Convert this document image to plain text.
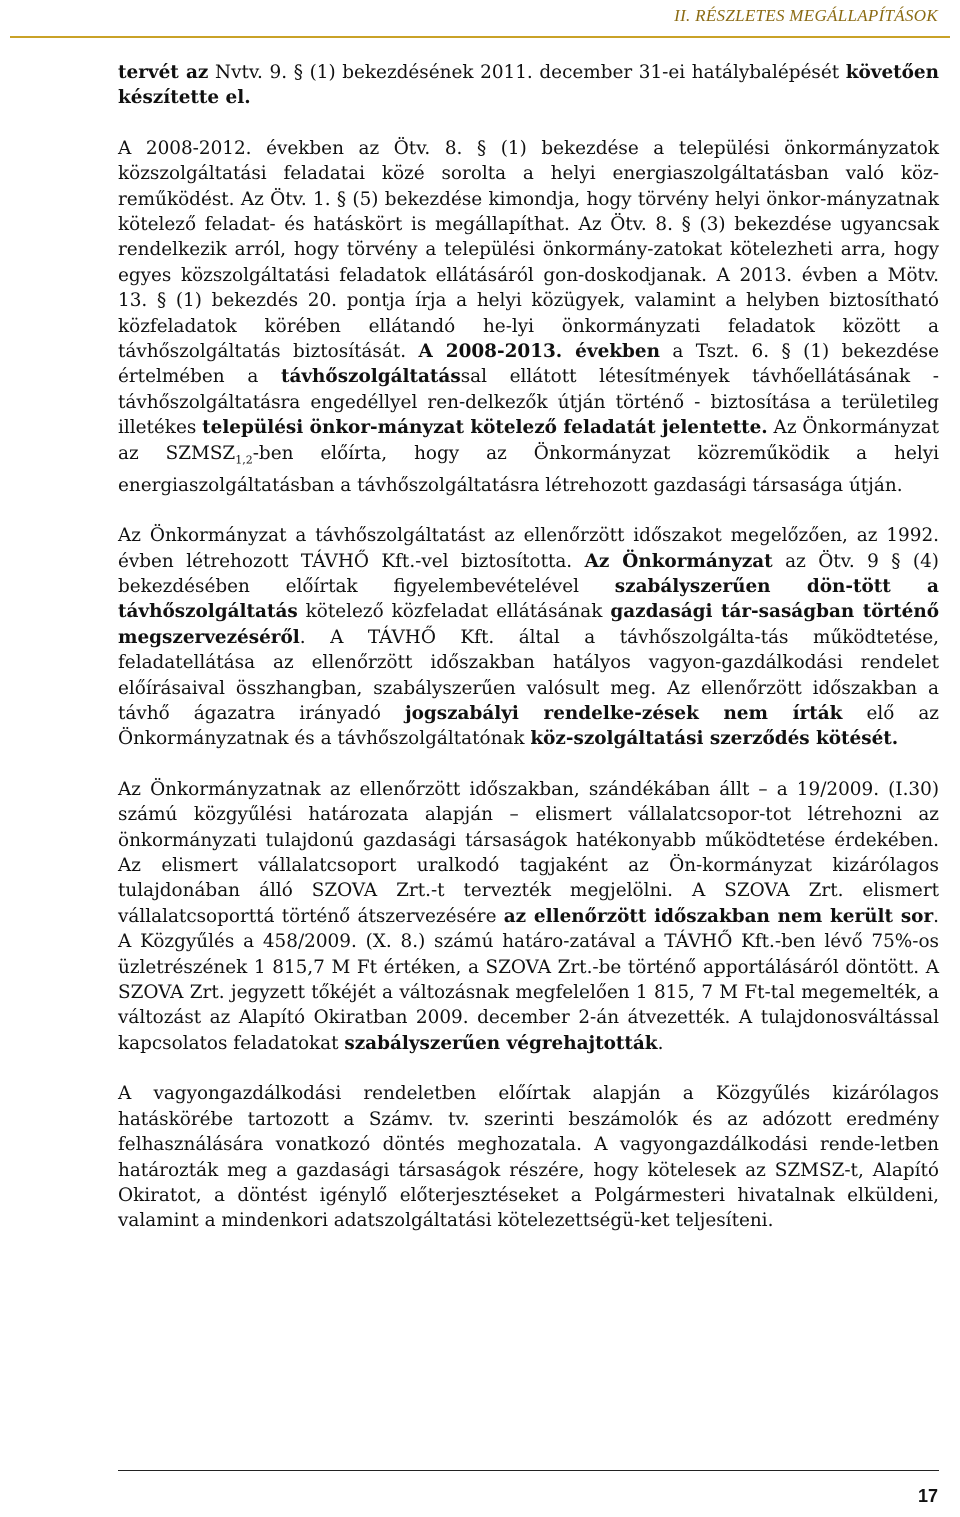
II. RÉSZLETES MEGÁLLAPÍTÁSOK

tervét az Nvtv. 9. § (1) bekezdésének 2011. december 31-ei hatálybalépését követően készítette el.

A 2008-2012. években az Ötv. 8. § (1) bekezdése a települési önkormányzatok közszolgáltatási feladatai közé sorolta a helyi energiaszolgáltatásban való köz-reműködést. Az Ötv. 1. § (5) bekezdése kimondja, hogy törvény helyi önkor-mányzatnak kötelező feladat- és hatáskört is megállapíthat. Az Ötv. 8. § (3) bekezdése ugyancsak rendelkezik arról, hogy törvény a települési önkormány-zatokat kötelezheti arra, hogy egyes közszolgáltatási feladatok ellátásáról gon-doskodjanak. A 2013. évben a Mötv. 13. § (1) bekezdés 20. pontja írja a helyi közügyek, valamint a helyben biztosítható közfeladatok körében ellátandó he-lyi önkormányzati feladatok között a távhőszolgáltatás biztosítását. A 2008-2013. években a Tszt. 6. § (1) bekezdése értelmében a távhőszolgáltatással ellátott létesítmények távhőellátásának - távhőszolgáltatásra engedéllyel ren-delkezők útján történő - biztosítása a területileg illetékes települési önkor-mányzat kötelező feladatát jelentette. Az Önkormányzat az $SZMSZ_{1,2}$-ben előírta, hogy az Önkormányzat közreműködik a helyi energiaszolgáltatásban a távhőszolgáltatásra létrehozott gazdasági társasága útján.

Az Önkormányzat a távhőszolgáltatást az ellenőrzött időszakot megelőzően, az 1992. évben létrehozott TÁVHŐ Kft.-vel biztosította. Az Önkormányzat az Ötv. 9 § (4) bekezdésében előírtak figyelembevételével szabályszerűen dön-tött a távhőszolgáltatás kötelező közfeladat ellátásának gazdasági tár-saságban történő megszervezéséről. A TÁVHŐ Kft. által a távhőszolgálta-tás működtetése, feladatellátása az ellenőrzött időszakban hatályos vagyon-gazdálkodási rendelet előírásaival összhangban, szabályszerűen valósult meg. Az ellenőrzött időszakban a távhő ágazatra irányadó jogszabályi rendelke-zések nem írták elő az Önkormányzatnak és a távhőszolgáltatónak köz-szolgáltatási szerződés kötését.

Az Önkormányzatnak az ellenőrzött időszakban, szándékában állt – a 19/2009. (I.30) számú közgyűlési határozata alapján – elismert vállalatcsopor-tot létrehozni az önkormányzati tulajdonú gazdasági társaságok hatékonyabb működtetése érdekében. Az elismert vállalatcsoport uralkodó tagjaként az Ön-kormányzat kizárólagos tulajdonában álló SZOVA Zrt.-t tervezték megjelölni. A SZOVA Zrt. elismert vállalatcsoporttá történő átszervezésére az ellenőrzött időszakban nem került sor. A Közgyűlés a 458/2009. (X. 8.) számú határo-zatával a TÁVHŐ Kft.-ben lévő 75%-os üzletrészének 1 815,7 M Ft értéken, a SZOVA Zrt.-be történő apportálásáról döntött. A SZOVA Zrt. jegyzett tőkéjét a változásnak megfelelően 1 815, 7 M Ft-tal megemelték, a változást az Alapító Okiratban 2009. december 2-án átvezették. A tulajdonosváltással kapcsolatos feladatokat szabályszerűen végrehajtották.

A vagyongazdálkodási rendeletben előírtak alapján a Közgyűlés kizárólagos hatáskörébe tartozott a Számv. tv. szerinti beszámolók és az adózott eredmény felhasználására vonatkozó döntés meghozatala. A vagyongazdálkodási rende-letben határozták meg a gazdasági társaságok részére, hogy kötelesek az SZMSZ-t, Alapító Okiratot, a döntést igénylő előterjesztéseket a Polgármesteri hivatalnak elküldeni, valamint a mindenkori adatszolgáltatási kötelezettségü-ket teljesíteni.

17
